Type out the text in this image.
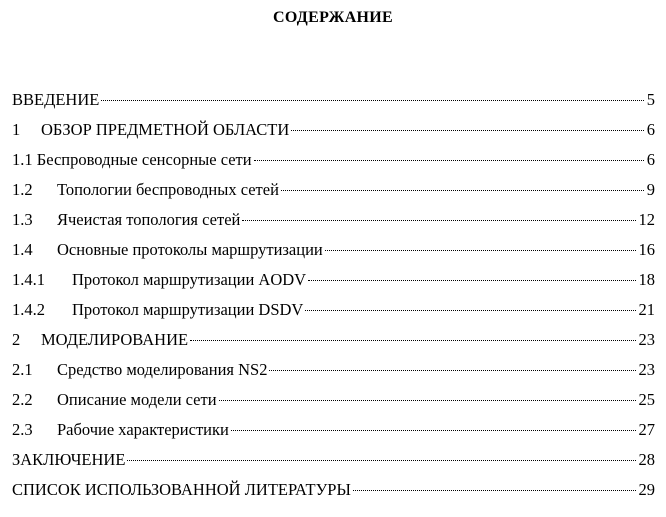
СОДЕРЖАНИЕ
ВВЕДЕНИЕ	5
1	ОБЗОР ПРЕДМЕТНОЙ ОБЛАСТИ	6
1.1 Беспроводные сенсорные сети	6
1.2	Топологии беспроводных сетей	9
1.3	Ячеистая топология сетей	12
1.4	Основные протоколы маршрутизации	16
1.4.1	Протокол маршрутизации AODV	18
1.4.2	Протокол маршрутизации DSDV	21
2	МОДЕЛИРОВАНИЕ	23
2.1	Средство моделирования NS2	23
2.2	Описание модели сети	25
2.3	Рабочие характеристики	27
ЗАКЛЮЧЕНИЕ	28
СПИСОК ИСПОЛЬЗОВАННОЙ ЛИТЕРАТУРЫ	29
